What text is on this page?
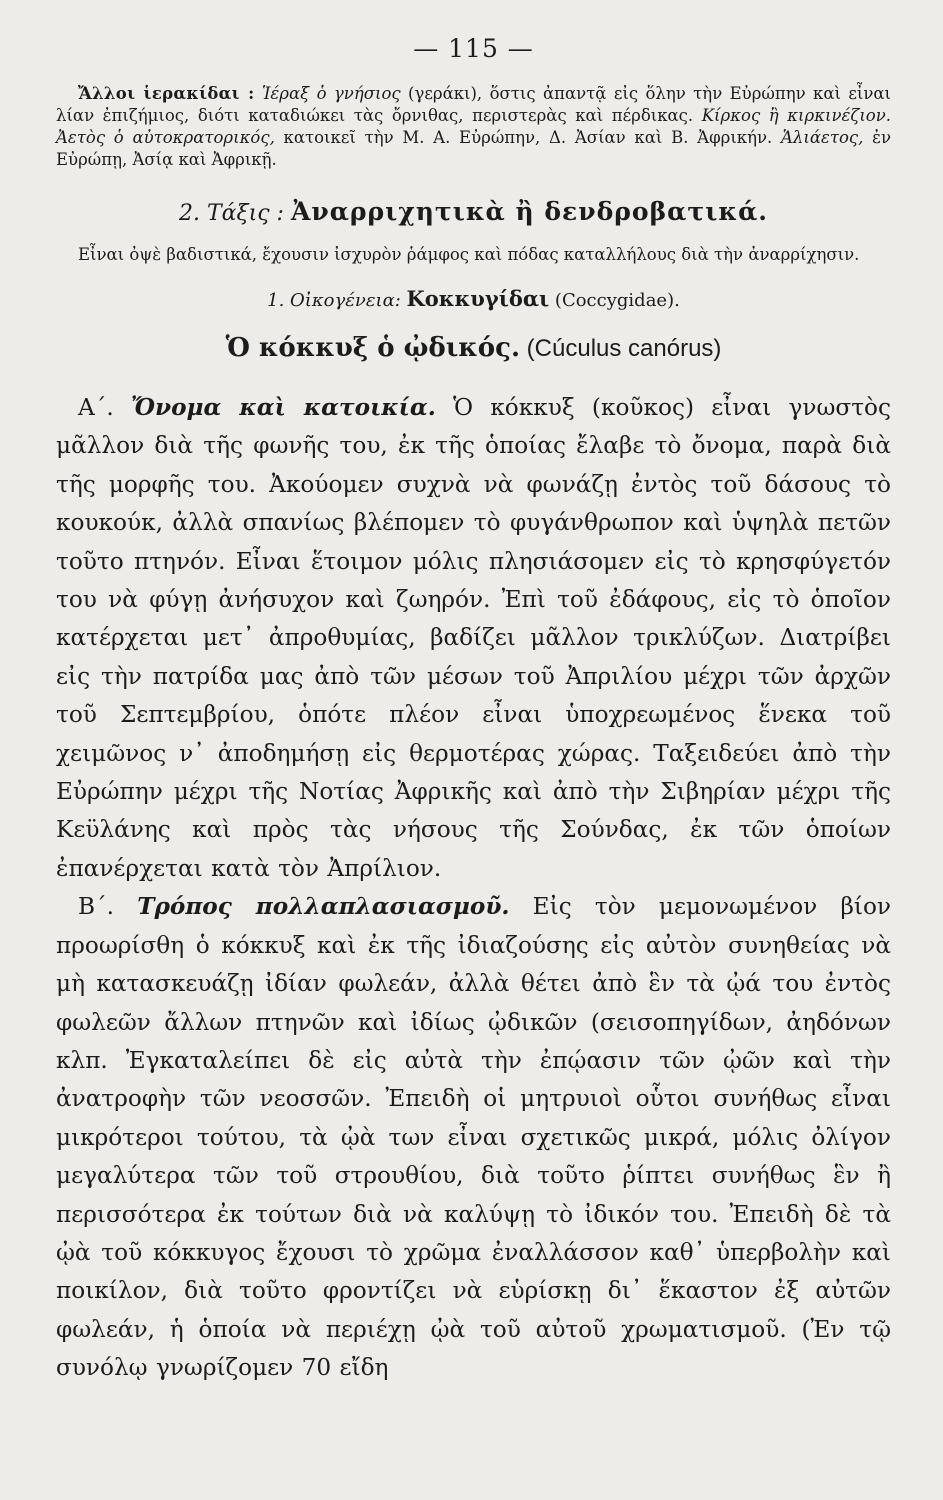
— 115 —

Ἄλλοι ἱερακίδαι : Ἱέραξ ὁ γνήσιος (γεράκι), ὅστις ἀπαντᾷ εἰς ὅλην τὴν Εὐρώπην καὶ εἶναι λίαν ἐπιζήμιος, διότι καταδιώκει τὰς ὄρνιθας, περιστερὰς καὶ πέρδικας. Κίρκος ἢ κιρκινέζιον. Ἀετὸς ὁ αὐτοκρατορικός, κατοικεῖ τὴν Μ. Α. Εὐρώπην, Δ. Ἀσίαν καὶ Β. Ἀφρικήν. Ἁλιάετος, ἐν Εὐρώπῃ, Ἀσίᾳ καὶ Ἀφρικῇ.

2. Τάξις : Ἀναρριχητικὰ ἢ δενδροβατικά.

Εἶναι ὀψὲ βαδιστικά, ἔχουσιν ἰσχυρὸν ῥάμφος καὶ πόδας καταλλήλους διὰ τὴν ἀναρρίχησιν.

1. Οἰκογένεια: Κοκκυγίδαι (Coccygidae).
Ὁ κόκκυξ ὁ ᾠδικός. (Cúculus canórus)

Α΄. Ὄνομα καὶ κατοικία. Ὁ κόκκυξ (κοῦκος) εἶναι γνωστὸς μᾶλλον διὰ τῆς φωνῆς του, ἐκ τῆς ὁποίας ἔλαβε τὸ ὄνομα, παρὰ διὰ τῆς μορφῆς του. Ἀκούομεν συχνὰ νὰ φωνάζῃ ἐντὸς τοῦ δάσους τὸ κουκούκ, ἀλλὰ σπανίως βλέπομεν τὸ φυγάνθρωπον καὶ ὑψηλὰ πετῶν τοῦτο πτηνόν. Εἶναι ἕτοιμον μόλις πλησιάσομεν εἰς τὸ κρησφύγετόν του νὰ φύγῃ ἀνήσυχον καὶ ζωηρόν. Ἐπὶ τοῦ ἐδάφους, εἰς τὸ ὁποῖον κατέρχεται μετ᾿ ἀπροθυμίας, βαδίζει μᾶλλον τρικλύζων. Διατρίβει εἰς τὴν πατρίδα μας ἀπὸ τῶν μέσων τοῦ Ἀπριλίου μέχρι τῶν ἀρχῶν τοῦ Σεπτεμβρίου, ὁπότε πλέον εἶναι ὑποχρεωμένος ἕνεκα τοῦ χειμῶνος ν᾿ ἀποδημήσῃ εἰς θερμοτέρας χώρας. Ταξειδεύει ἀπὸ τὴν Εὐρώπην μέχρι τῆς Νοτίας Ἀφρικῆς καὶ ἀπὸ τὴν Σιβηρίαν μέχρι τῆς Κεϋλάνης καὶ πρὸς τὰς νήσους τῆς Σούνδας, ἐκ τῶν ὁποίων ἐπανέρχεται κατὰ τὸν Ἀπρίλιον.

Β΄. Τρόπος πολλαπλασιασμοῦ. Εἰς τὸν μεμονωμένον βίον προωρίσθη ὁ κόκκυξ καὶ ἐκ τῆς ἰδιαζούσης εἰς αὐτὸν συνηθείας νὰ μὴ κατασκευάζῃ ἰδίαν φωλεάν, ἀλλὰ θέτει ἀπὸ ἓν τὰ ᾠά του ἐντὸς φωλεῶν ἄλλων πτηνῶν καὶ ἰδίως ᾠδικῶν (σεισοπηγίδων, ἀηδόνων κλπ. Ἐγκαταλείπει δὲ εἰς αὐτὰ τὴν ἐπῴασιν τῶν ᾠῶν καὶ τὴν ἀνατροφὴν τῶν νεοσσῶν. Ἐπειδὴ οἱ μητρυιοὶ οὗτοι συνήθως εἶναι μικρότεροι τούτου, τὰ ᾠὰ των εἶναι σχετικῶς μικρά, μόλις ὀλίγον μεγαλύτερα τῶν τοῦ στρουθίου, διὰ τοῦτο ῥίπτει συνήθως ἓν ἢ περισσότερα ἐκ τούτων διὰ νὰ καλύψῃ τὸ ἰδικόν του. Ἐπειδὴ δὲ τὰ ᾠὰ τοῦ κόκκυγος ἔχουσι τὸ χρῶμα ἐναλλάσσον καθ᾿ ὑπερβολὴν καὶ ποικίλον, διὰ τοῦτο φροντίζει νὰ εὑρίσκῃ δι᾿ ἕκαστον ἐξ αὐτῶν φωλεάν, ἡ ὁποία νὰ περιέχῃ ᾠὰ τοῦ αὐτοῦ χρωματισμοῦ. (Ἐν τῷ συνόλῳ γνωρίζομεν 70 εἴδη
